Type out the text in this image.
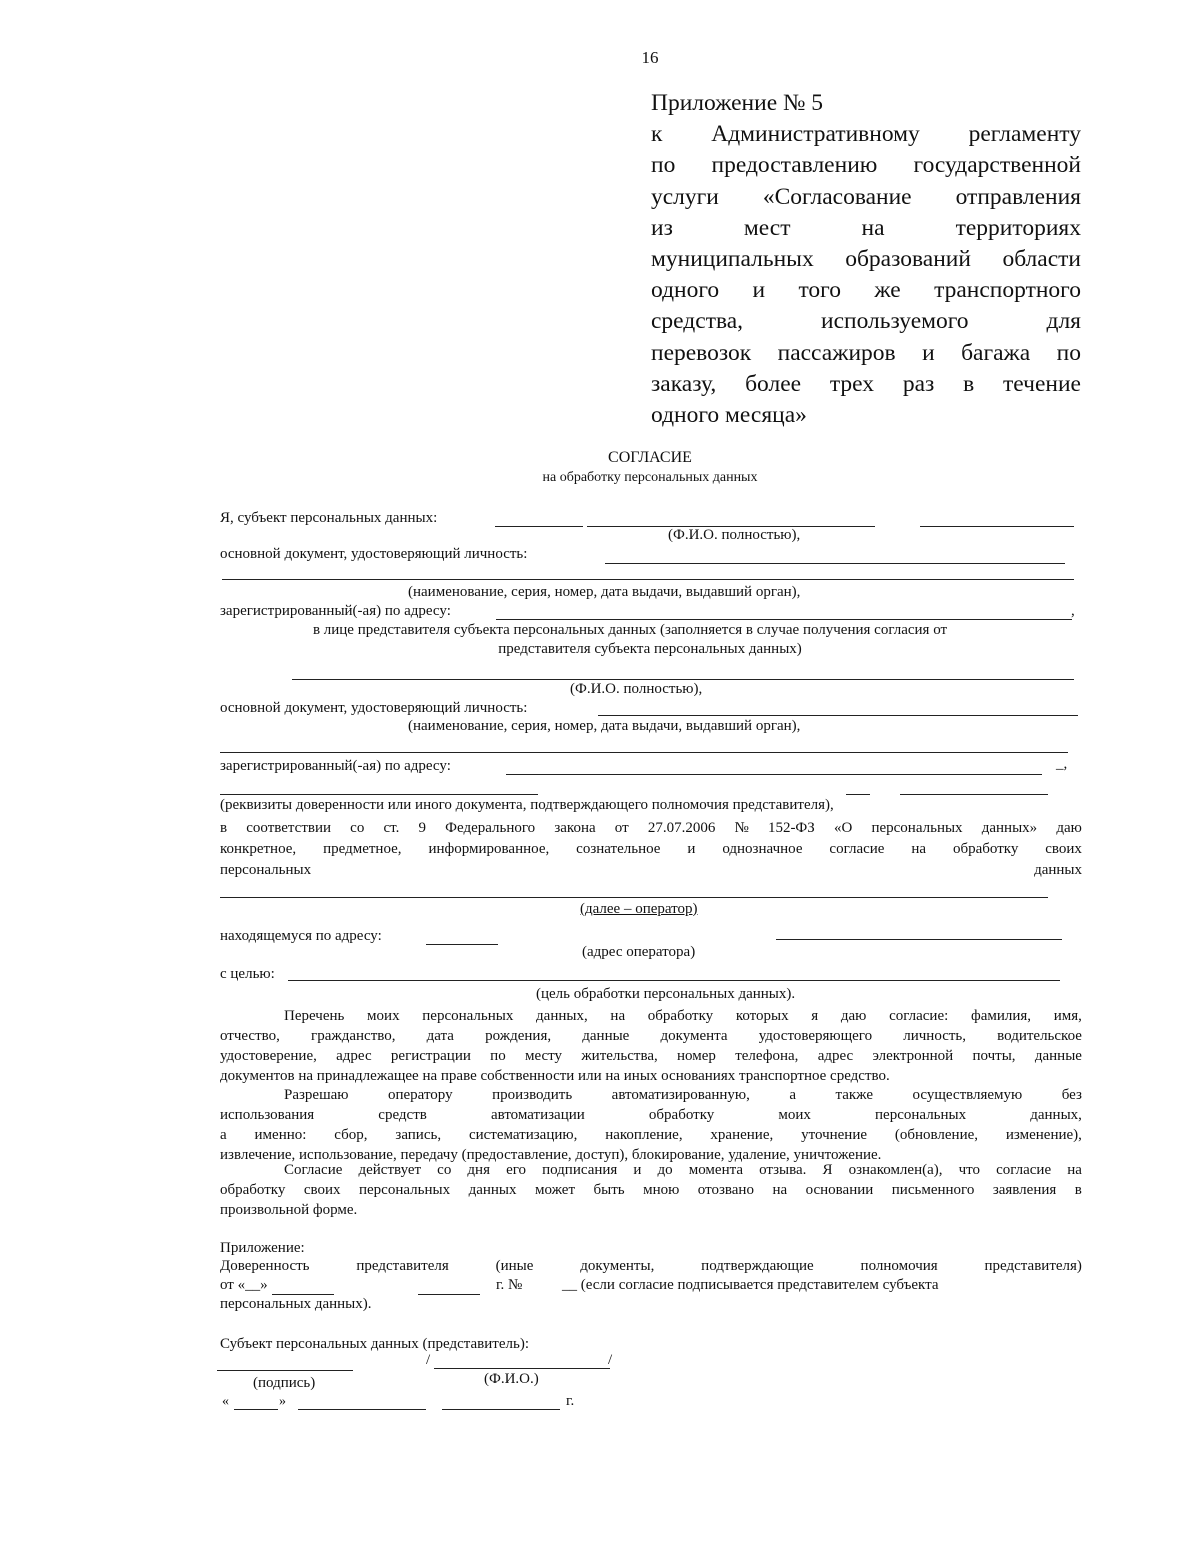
16
Приложение № 5
к Административному регламенту
по предоставлению государственной
услуги «Согласование отправления
из	мест	на	территориях
муниципальных образований области
одного и того же транспортного
средства,	используемого	для
перевозок пассажиров и багажа по
заказу, более трех раз в течение
одного месяца»
СОГЛАСИЕ
на обработку персональных данных
Я, субъект персональных данных:
(Ф.И.О. полностью),
основной документ, удостоверяющий личность:
(наименование, серия, номер, дата выдачи, выдавший орган),
зарегистрированный(-ая) по адресу:	,
в лице представителя субъекта персональных данных (заполняется в случае получения согласия от
представителя субъекта персональных данных)
(Ф.И.О. полностью),
основной документ, удостоверяющий личность:
(наименование, серия, номер, дата выдачи, выдавший орган),
зарегистрированный(-ая) по адресу:	_,
(реквизиты доверенности или иного документа, подтверждающего полномочия представителя),
в соответствии со ст. 9 Федерального закона от 27.07.2006 № 152-ФЗ «О персональных данных» даю
конкретное, предметное, информированное, сознательное и однозначное согласие на обработку своих
персональных	данных
(далее – оператор)
находящемуся по адресу:
(адрес оператора)
с целью:
(цель обработки персональных данных).
Перечень моих персональных данных, на обработку которых я даю согласие: фамилия, имя,
отчество, гражданство, дата рождения, данные документа удостоверяющего личность, водительское
удостоверение, адрес регистрации по месту жительства, номер телефона, адрес электронной почты, данные
документов на принадлежащее на праве собственности или на иных основаниях транспортное средство.
Разрешаю	оператору	производить	автоматизированную,	а	также	осуществляемую	без
использования	средств	автоматизации	обработку	моих	персональных	данных,
а именно: сбор, запись, систематизацию, накопление, хранение, уточнение (обновление, изменение),
извлечение, использование, передачу (предоставление, доступ), блокирование, удаление, уничтожение.
Согласие действует со дня его подписания и до момента отзыва. Я ознакомлен(а), что согласие на
обработку своих персональных данных может быть мною отозвано на основании письменного заявления в
произвольной форме.
Приложение:
Доверенность	представителя	(иные	документы,	подтверждающие	полномочия	представителя)
от «__»	г. №	__ (если согласие подписывается представителем субъекта
персональных данных).
Субъект персональных данных (представитель):
/	/
(подпись)	(Ф.И.О.)
«	»	г.
